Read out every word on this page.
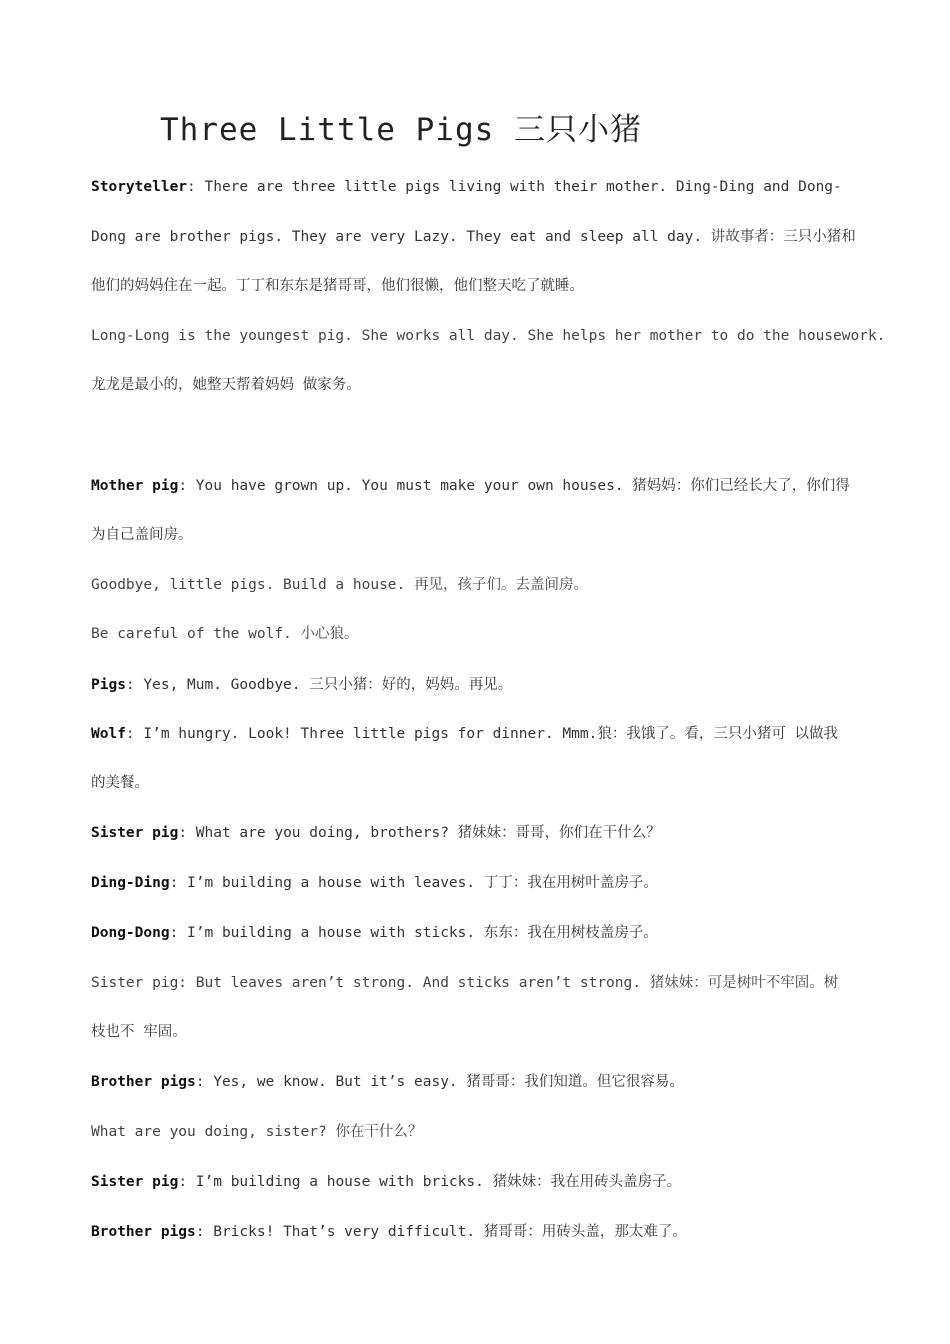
Three Little Pigs 三只小猪
Storyteller: There are three little pigs living with their mother. Ding-Ding and Dong-
Dong are brother pigs. They are very Lazy. They eat and sleep all day. 讲故事者：三只小猪和
他们的妈妈住在一起。丁丁和东东是猪哥哥，他们很懒，他们整天吃了就睡。
Long-Long is the youngest pig. She works all day. She helps her mother to do the housework.
龙龙是最小的，她整天帮着妈妈 做家务。
Mother pig: You have grown up. You must make your own houses. 猪妈妈：你们已经长大了，你们得
为自己盖间房。
Goodbye, little pigs. Build a house. 再见，孩子们。去盖间房。
Be careful of the wolf. 小心狼。
Pigs: Yes, Mum. Goodbye. 三只小猪：好的，妈妈。再见。
Wolf: I’m hungry. Look! Three little pigs for dinner. Mmm.狼：我饿了。看，三只小猪可 以做我
的美餐。
Sister pig: What are you doing, brothers? 猪妹妹：哥哥，你们在干什么？
Ding-Ding: I’m building a house with leaves. 丁丁：我在用树叶盖房子。
Dong-Dong: I’m building a house with sticks. 东东：我在用树枝盖房子。
Sister pig: But leaves aren’t strong. And sticks aren’t strong. 猪妹妹：可是树叶不牢固。树
枝也不 牢固。
Brother pigs: Yes, we know. But it’s easy. 猪哥哥：我们知道。但它很容易。
What are you doing, sister? 你在干什么？
Sister pig: I’m building a house with bricks. 猪妹妹：我在用砖头盖房子。
Brother pigs: Bricks! That’s very difficult. 猪哥哥：用砖头盖，那太难了。
